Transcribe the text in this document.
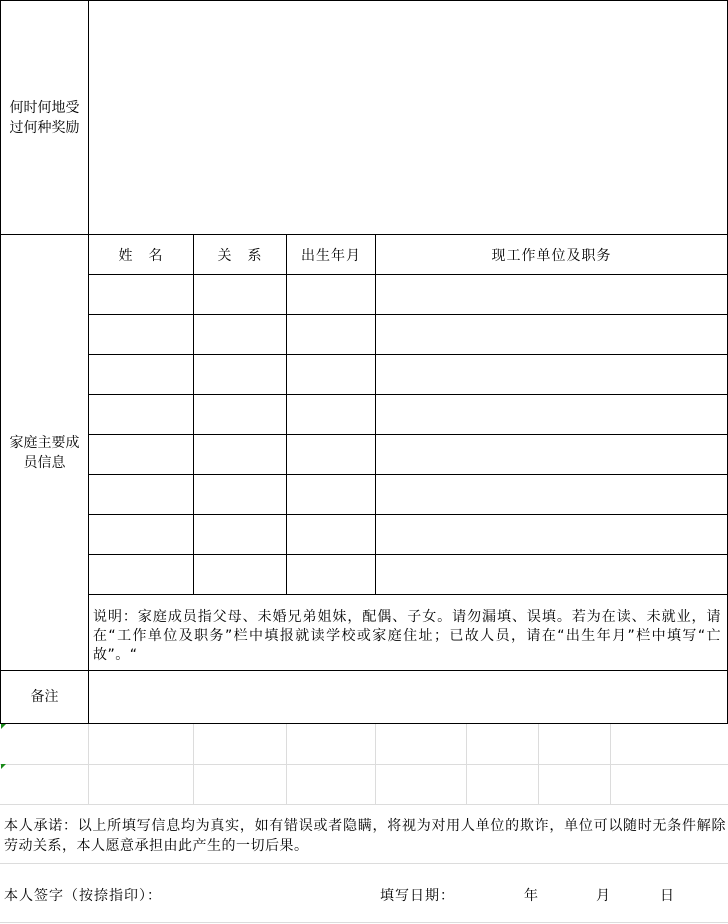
何时何地受过何种奖励
家庭主要成员信息
姓　名	关　系	出生年月	现工作单位及职务
说明：家庭成员指父母、未婚兄弟姐妹，配偶、子女。请勿漏填、误填。若为在读、未就业，请在“工作单位及职务”栏中填报就读学校或家庭住址；已故人员，请在“出生年月”栏中填写“亡故”。“
备注
本人承诺：以上所填写信息均为真实，如有错误或者隐瞒，将视为对用人单位的欺诈，单位可以随时无条件解除劳动关系，本人愿意承担由此产生的一切后果。
本人签字（按捺指印）：	填写日期：	年	月	日
